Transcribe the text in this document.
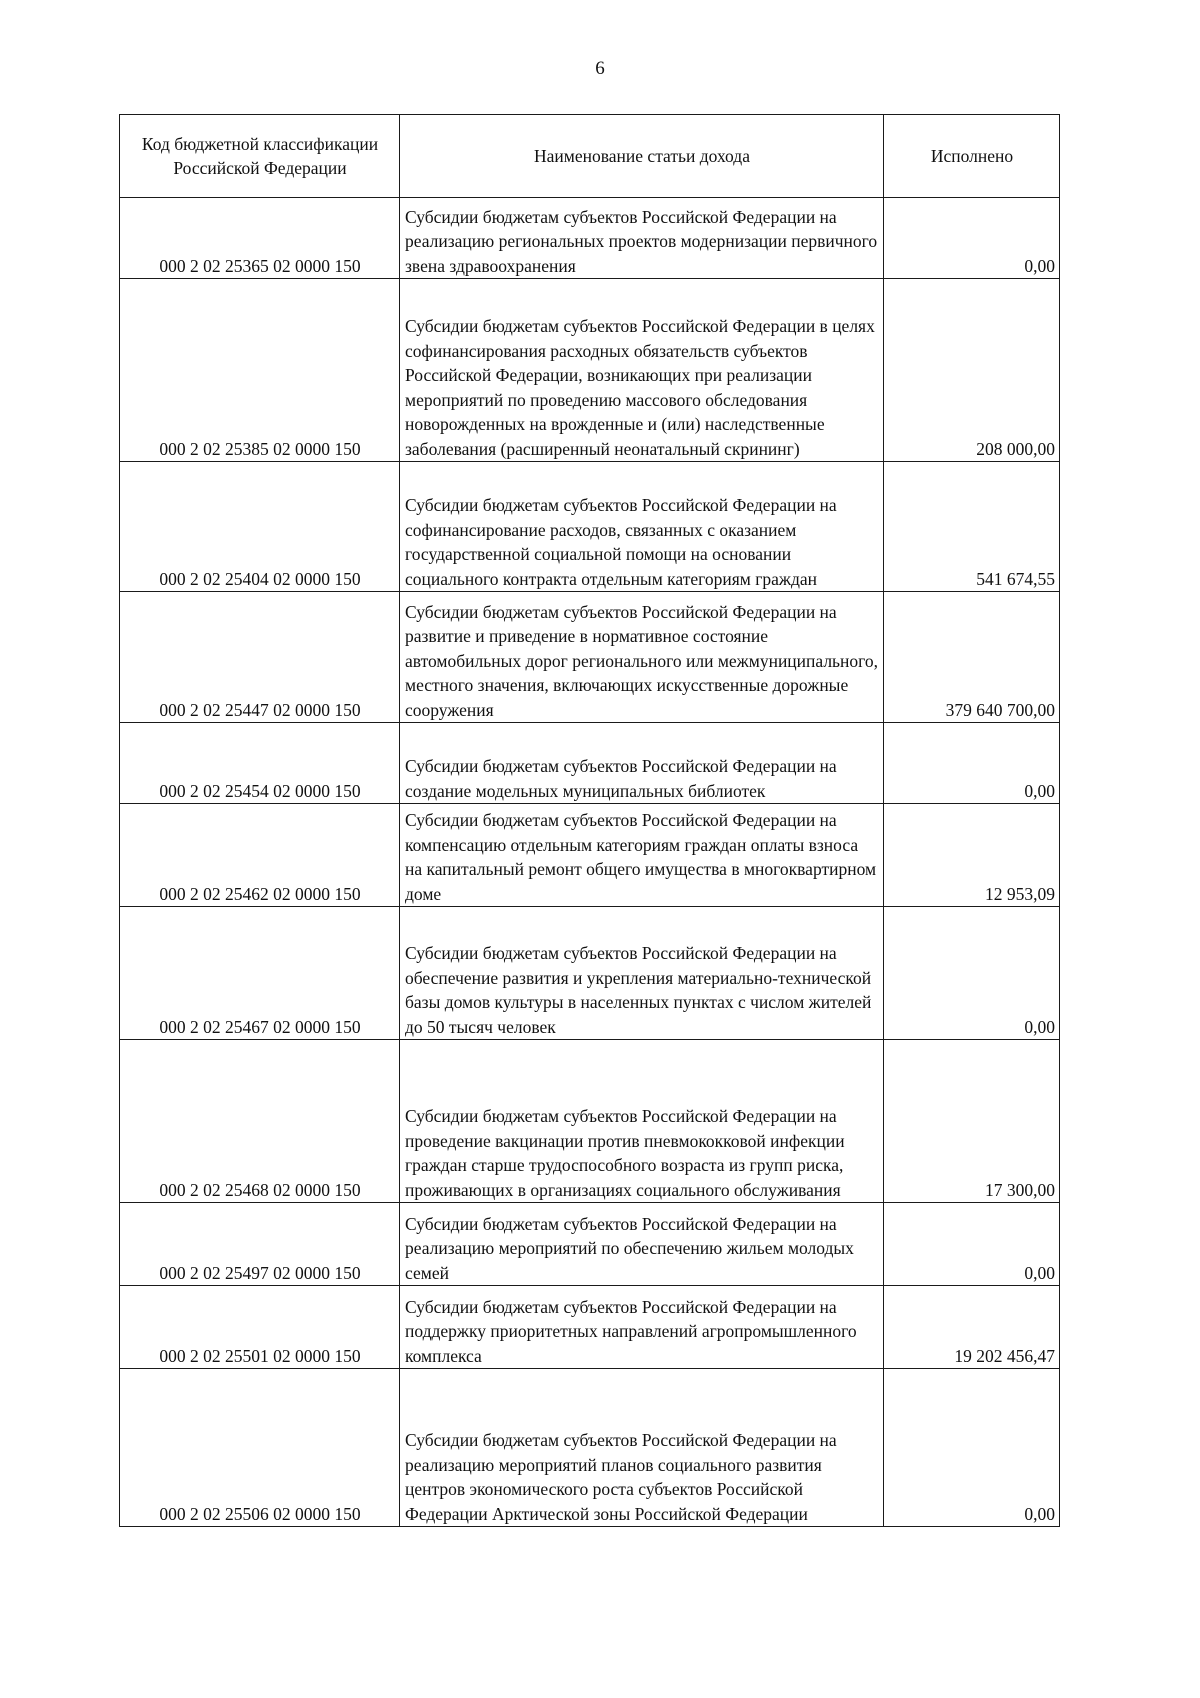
6
Код бюджетной классификации Российской Федерации	Наименование статьи дохода	Исполнено
000 2 02 25365 02 0000 150	Субсидии бюджетам субъектов Российской Федерации на реализацию региональных проектов модернизации первичного звена здравоохранения	0,00
000 2 02 25385 02 0000 150	Субсидии бюджетам субъектов Российской Федерации в целях софинансирования расходных обязательств субъектов Российской Федерации, возникающих при реализации мероприятий по проведению массового обследования новорожденных на врожденные и (или) наследственные заболевания (расширенный неонатальный скрининг)	208 000,00
000 2 02 25404 02 0000 150	Субсидии бюджетам субъектов Российской Федерации на софинансирование расходов, связанных с оказанием государственной социальной помощи на основании социального контракта отдельным категориям граждан	541 674,55
000 2 02 25447 02 0000 150	Субсидии бюджетам субъектов Российской Федерации на развитие и приведение в нормативное состояние автомобильных дорог регионального или межмуниципального, местного значения, включающих искусственные дорожные сооружения	379 640 700,00
000 2 02 25454 02 0000 150	Субсидии бюджетам субъектов Российской Федерации на создание модельных муниципальных библиотек	0,00
000 2 02 25462 02 0000 150	Субсидии бюджетам субъектов Российской Федерации на компенсацию отдельным категориям граждан оплаты взноса на капитальный ремонт общего имущества в многоквартирном доме	12 953,09
000 2 02 25467 02 0000 150	Субсидии бюджетам субъектов Российской Федерации на обеспечение развития и укрепления материально-технической базы домов культуры в населенных пунктах с числом жителей до 50 тысяч человек	0,00
000 2 02 25468 02 0000 150	Субсидии бюджетам субъектов Российской Федерации на проведение вакцинации против пневмококковой инфекции граждан старше трудоспособного возраста из групп риска, проживающих в организациях социального обслуживания	17 300,00
000 2 02 25497 02 0000 150	Субсидии бюджетам субъектов Российской Федерации на реализацию мероприятий по обеспечению жильем молодых семей	0,00
000 2 02 25501 02 0000 150	Субсидии бюджетам субъектов Российской Федерации на поддержку приоритетных направлений агропромышленного комплекса	19 202 456,47
000 2 02 25506 02 0000 150	Субсидии бюджетам субъектов Российской Федерации на реализацию мероприятий планов социального развития центров экономического роста субъектов Российской Федерации Арктической зоны Российской Федерации	0,00
